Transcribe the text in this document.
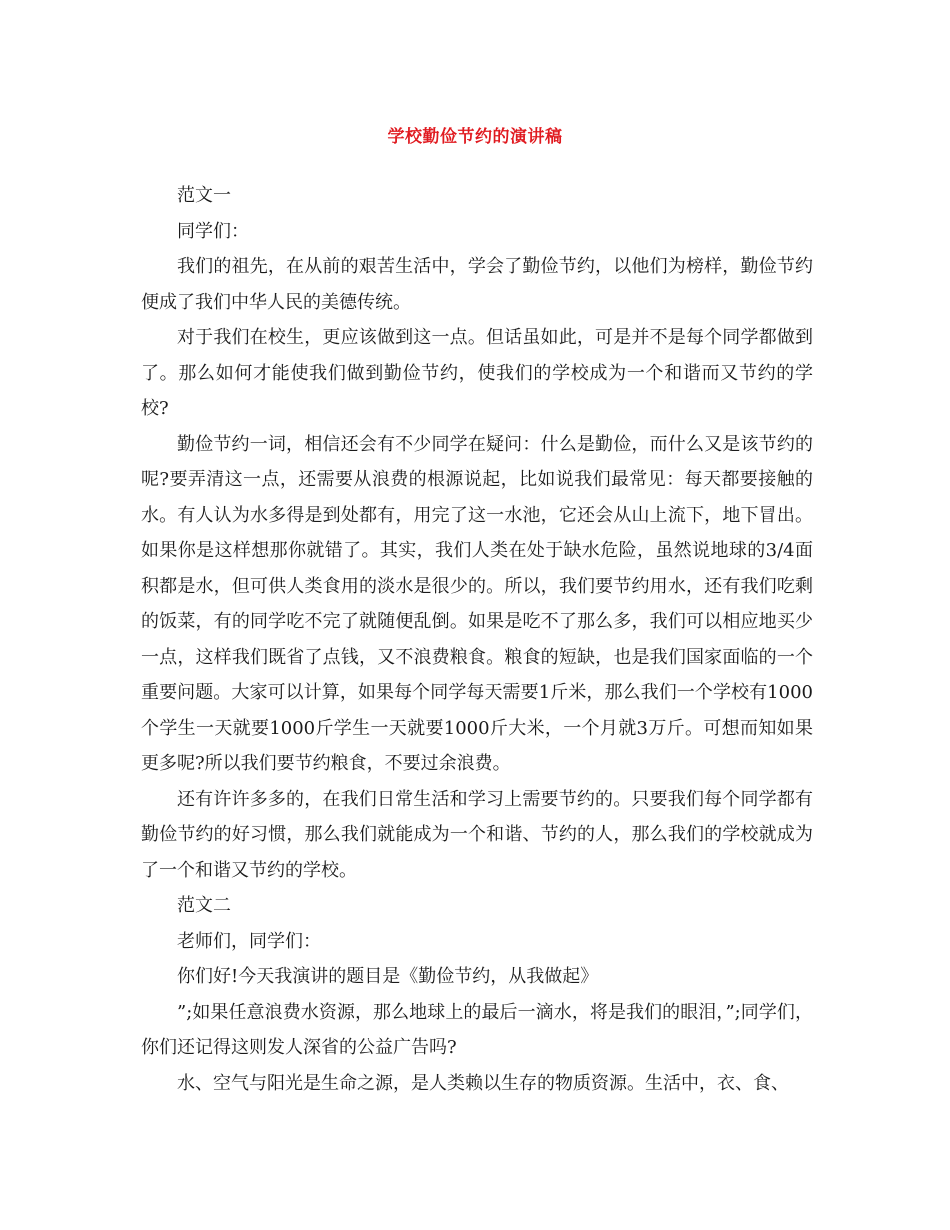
学校勤俭节约的演讲稿

范文一

同学们：

我们的祖先，在从前的艰苦生活中，学会了勤俭节约，以他们为榜样，勤俭节约便成了我们中华人民的美德传统。

对于我们在校生，更应该做到这一点。但话虽如此，可是并不是每个同学都做到了。那么如何才能使我们做到勤俭节约，使我们的学校成为一个和谐而又节约的学校?

勤俭节约一词，相信还会有不少同学在疑问：什么是勤俭，而什么又是该节约的呢?要弄清这一点，还需要从浪费的根源说起，比如说我们最常见：每天都要接触的水。有人认为水多得是到处都有，用完了这一水池，它还会从山上流下，地下冒出。如果你是这样想那你就错了。其实，我们人类在处于缺水危险，虽然说地球的3/4面积都是水，但可供人类食用的淡水是很少的。所以，我们要节约用水，还有我们吃剩的饭菜，有的同学吃不完了就随便乱倒。如果是吃不了那么多，我们可以相应地买少一点，这样我们既省了点钱，又不浪费粮食。粮食的短缺，也是我们国家面临的一个重要问题。大家可以计算，如果每个同学每天需要1斤米，那么我们一个学校有1000个学生一天就要1000斤学生一天就要1000斤大米，一个月就3万斤。可想而知如果更多呢?所以我们要节约粮食，不要过余浪费。

还有许许多多的，在我们日常生活和学习上需要节约的。只要我们每个同学都有勤俭节约的好习惯，那么我们就能成为一个和谐、节约的人，那么我们的学校就成为了一个和谐又节约的学校。

范文二

老师们，同学们：

你们好!今天我演讲的题目是《勤俭节约，从我做起》

”;如果任意浪费水资源，那么地球上的最后一滴水，将是我们的眼泪，”;同学们，你们还记得这则发人深省的公益广告吗?

水、空气与阳光是生命之源，是人类赖以生存的物质资源。生活中，衣、食、
